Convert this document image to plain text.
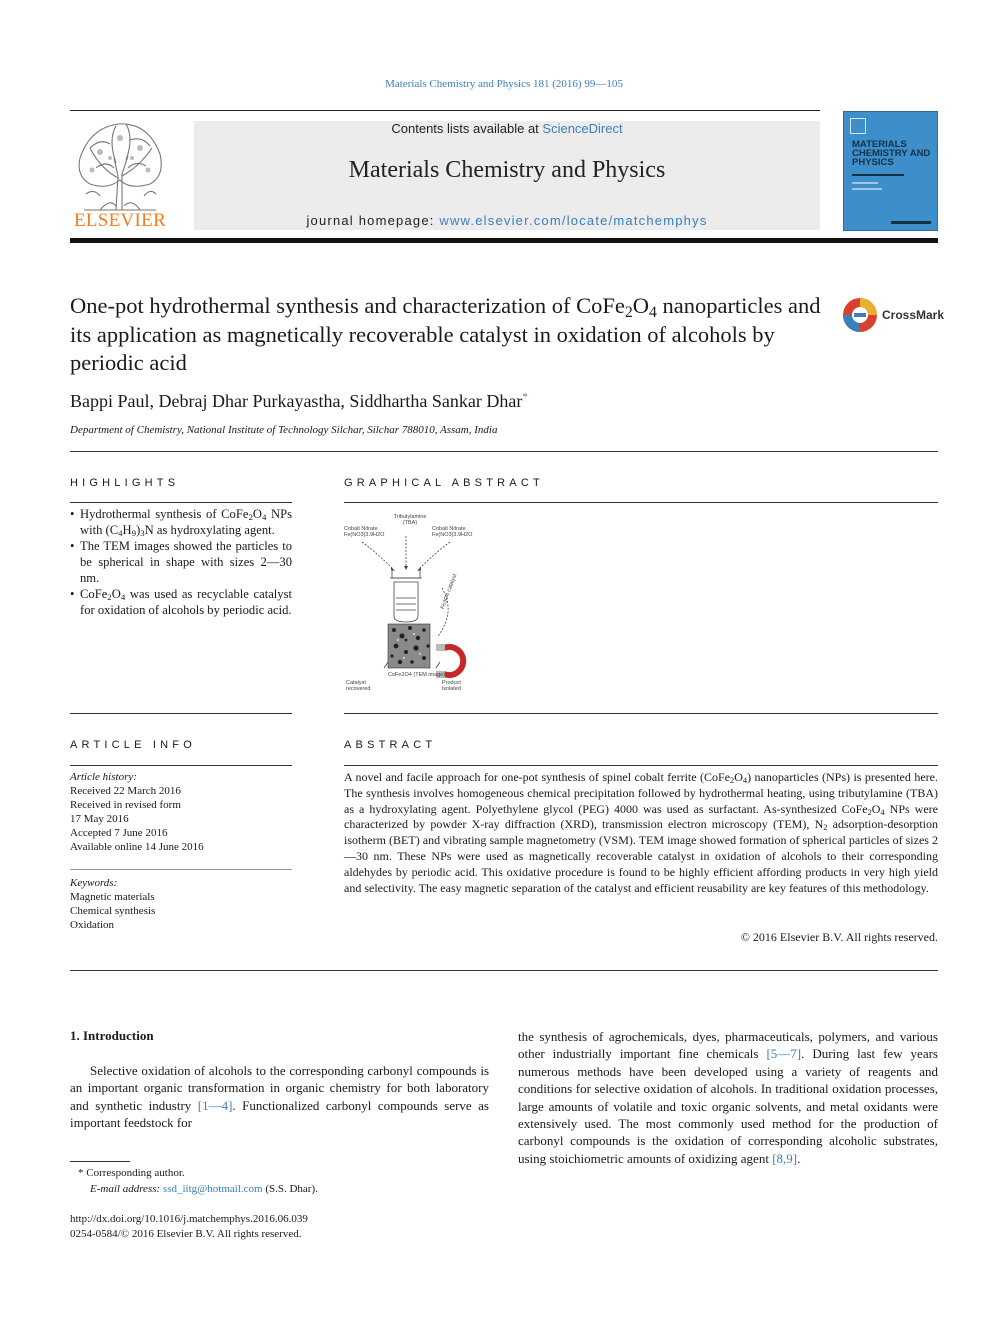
Materials Chemistry and Physics 181 (2016) 99—105
ELSEVIER
Contents lists available at ScienceDirect
Materials Chemistry and Physics
journal homepage: www.elsevier.com/locate/matchemphys
MATERIALS CHEMISTRY AND PHYSICS
One-pot hydrothermal synthesis and characterization of $CoFe_2O_4$ nanoparticles and its application as magnetically recoverable catalyst in oxidation of alcohols by periodic acid
CrossMark
Bappi Paul, Debraj Dhar Purkayastha, Siddhartha Sankar Dhar*
Department of Chemistry, National Institute of Technology Silchar, Silchar 788010, Assam, India
HIGHLIGHTS
• Hydrothermal synthesis of $CoFe_2O_4$ NPs with $(C_4H_9)_3N$ as hydroxylating agent.
• The TEM images showed the particles to be spherical in shape with sizes 2—30 nm.
• $CoFe_2O_4$ was used as recyclable catalyst for oxidation of alcohols by periodic acid.
GRAPHICAL ABSTRACT
Cobalt Nitrate
Fe(NO3)3.9H2O
Tributylamine
(TBA)
Cobalt Nitrate
Fe(NO3)3.9H2O
CoFe2O4 (TEM image)
Catalyst
recovered
Product
isolated
Fe3O4 catalyst
ARTICLE INFO
Article history:
Received 22 March 2016
Received in revised form
17 May 2016
Accepted 7 June 2016
Available online 14 June 2016
Keywords:
Magnetic materials
Chemical synthesis
Oxidation
ABSTRACT
A novel and facile approach for one-pot synthesis of spinel cobalt ferrite $(CoFe_2O_4)$ nanoparticles (NPs) is presented here. The synthesis involves homogeneous chemical precipitation followed by hydrothermal heating, using tributylamine (TBA) as a hydroxylating agent. Polyethylene glycol (PEG) 4000 was used as surfactant. As-synthesized $CoFe_2O_4$ NPs were characterized by powder X-ray diffraction (XRD), transmission electron microscopy (TEM), $N_2$ adsorption-desorption isotherm (BET) and vibrating sample magnetometry (VSM). TEM image showed formation of spherical particles of sizes 2—30 nm. These NPs were used as magnetically recoverable catalyst in oxidation of alcohols to their corresponding aldehydes by periodic acid. This oxidative procedure is found to be highly efficient affording products in very high yield and selectivity. The easy magnetic separation of the catalyst and efficient reusability are key features of this methodology.
© 2016 Elsevier B.V. All rights reserved.
1. Introduction
Selective oxidation of alcohols to the corresponding carbonyl compounds is an important organic transformation in organic chemistry for both laboratory and synthetic industry [1—4]. Functionalized carbonyl compounds serve as important feedstock for
the synthesis of agrochemicals, dyes, pharmaceuticals, polymers, and various other industrially important fine chemicals [5—7]. During last few years numerous methods have been developed using a variety of reagents and conditions for selective oxidation of alcohols. In traditional oxidation processes, large amounts of volatile and toxic organic solvents, and metal oxidants were extensively used. The most commonly used method for the production of carbonyl compounds is the oxidation of corresponding alcoholic substrates, using stoichiometric amounts of oxidizing agent [8,9].
* Corresponding author.
E-mail address: ssd_iitg@hotmail.com (S.S. Dhar).
http://dx.doi.org/10.1016/j.matchemphys.2016.06.039
0254-0584/© 2016 Elsevier B.V. All rights reserved.
